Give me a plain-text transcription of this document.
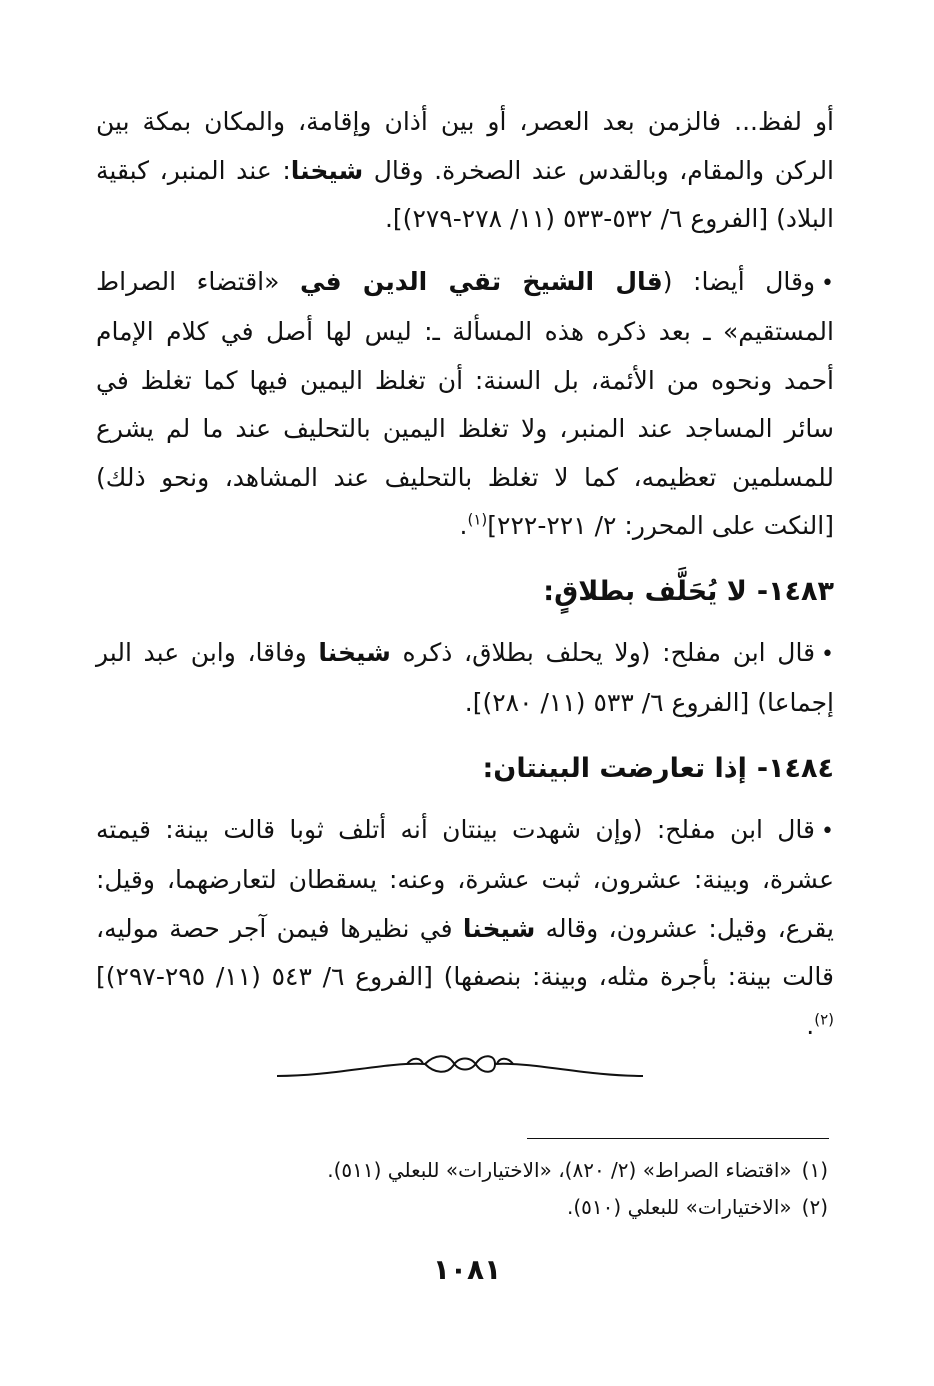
أو لفظ... فالزمن بعد العصر، أو بين أذان وإقامة، والمكان بمكة بين الركن والمقام، وبالقدس عند الصخرة. وقال شيخنا: عند المنبر، كبقية البلاد) [الفروع ٦/ ٥٣٢-٥٣٣ (١١/ ٢٧٨-٢٧٩)].

•وقال أيضا: (قال الشيخ تقي الدين في «اقتضاء الصراط المستقيم» ـ بعد ذكره هذه المسألة ـ: ليس لها أصل في كلام الإمام أحمد ونحوه من الأئمة، بل السنة: أن تغلظ اليمين فيها كما تغلظ في سائر المساجد عند المنبر، ولا تغلظ اليمين بالتحليف عند ما لم يشرع للمسلمين تعظيمه، كما لا تغلظ بالتحليف عند المشاهد، ونحو ذلك) [النكت على المحرر: ٢/ ٢٢١-٢٢٢]$^{(١)}$.

١٤٨٣-لا يُحَلَّف بطلاقٍ:

•قال ابن مفلح: (ولا يحلف بطلاق، ذكره شيخنا وفاقا، وابن عبد البر إجماعا) [الفروع ٦/ ٥٣٣ (١١/ ٢٨٠)].

١٤٨٤-إذا تعارضت البينتان:

•قال ابن مفلح: (وإن شهدت بينتان أنه أتلف ثوبا قالت بينة: قيمته عشرة، وبينة: عشرون، ثبت عشرة، وعنه: يسقطان لتعارضهما، وقيل: يقرع، وقيل: عشرون، وقاله شيخنا في نظيرها فيمن آجر حصة موليه، قالت بينة: بأجرة مثله، وبينة: بنصفها) [الفروع ٦/ ٥٤٣ (١١/ ٢٩٥-٢٩٧)]$^{(٢)}$.

(١)«اقتضاء الصراط» (٢/ ٨٢٠)، «الاختيارات» للبعلي (٥١١).

(٢)«الاختيارات» للبعلي (٥١٠).

١٠٨١
